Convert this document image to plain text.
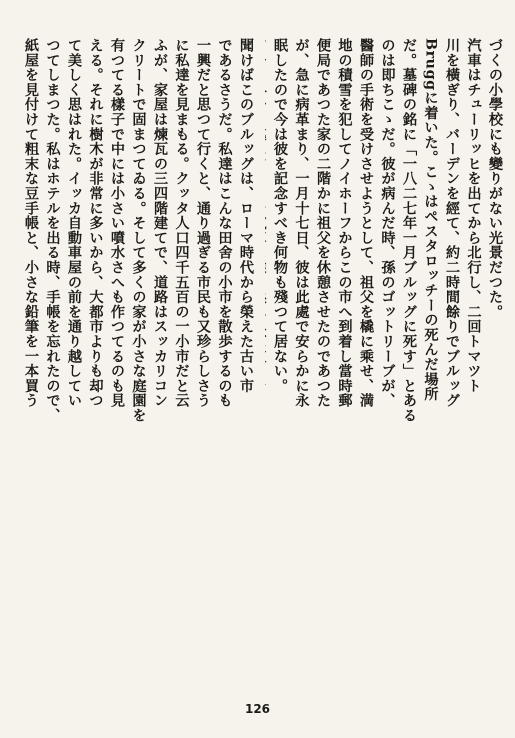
づくの小學校にも變りがない光景だつた。
汽車はチューリッヒを出てから北行し、二回トマツト
川を橫ぎり、バーデンを經て、約二時間餘りでブルッグ
Bruggに着いた。こゝはペスタロッチーの死んだ場所
だ。墓碑の銘に「一八二七年一月ブルッグに死す」とある
のは即ちこゝだ。彼が病んだ時、孫のゴットリーブが、
醫師の手術を受けさせようとして、祖父を橇に乘せ、満
地の積雪を犯してノイホーフからこの市へ到着し當時郵
便局であつた家の二階かに祖父を休憩させたのであつた
が、急に病革まり、一月十七日、彼は此處で安らかに永
眠したので今は彼を記念すべき何物も殘つて居ない。
聞けばこのブルッグは、ローマ時代から榮えた古い市
であるさうだ。私達はこんな田舍の小市を散歩するのも
一興だと思つて行くと、通り過ぎる市民も又珍らしさう
に私達を見まもる。クッタ人口四千五百の一小市だと云
ふが、家屋は煉瓦の三四階建てで、道路はスッカリコン
クリートで固まつてゐる。そして多くの家が小さな庭園を
有つてる樣子で中には小さい噴水さへも作つてるのも見
える。それに樹木が非常に多いから、大都市よりも却つ
て美しく思はれた。イッカ自動車屋の前を通り越してい
つてしまつた。私はホテルを出る時、手帳を忘れたので、
紙屋を見付けて粗末な豆手帳と、小さな鉛筆を一本買う
126
